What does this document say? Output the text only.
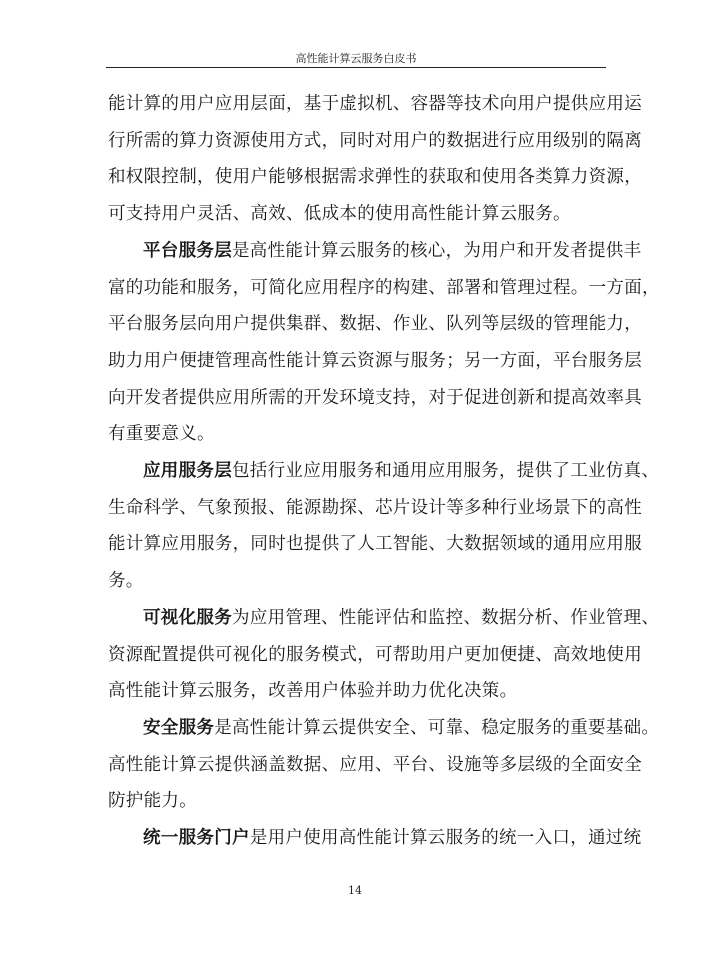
高性能计算云服务白皮书
能计算的用户应用层面，基于虚拟机、容器等技术向用户提供应用运
行所需的算力资源使用方式，同时对用户的数据进行应用级别的隔离
和权限控制，使用户能够根据需求弹性的获取和使用各类算力资源，
可支持用户灵活、高效、低成本的使用高性能计算云服务。
平台服务层是高性能计算云服务的核心，为用户和开发者提供丰
富的功能和服务，可简化应用程序的构建、部署和管理过程。一方面，
平台服务层向用户提供集群、数据、作业、队列等层级的管理能力，
助力用户便捷管理高性能计算云资源与服务；另一方面，平台服务层
向开发者提供应用所需的开发环境支持，对于促进创新和提高效率具
有重要意义。
应用服务层包括行业应用服务和通用应用服务，提供了工业仿真、
生命科学、气象预报、能源勘探、芯片设计等多种行业场景下的高性
能计算应用服务，同时也提供了人工智能、大数据领域的通用应用服
务。
可视化服务为应用管理、性能评估和监控、数据分析、作业管理、
资源配置提供可视化的服务模式，可帮助用户更加便捷、高效地使用
高性能计算云服务，改善用户体验并助力优化决策。
安全服务是高性能计算云提供安全、可靠、稳定服务的重要基础。
高性能计算云提供涵盖数据、应用、平台、设施等多层级的全面安全
防护能力。
统一服务门户是用户使用高性能计算云服务的统一入口，通过统
14
